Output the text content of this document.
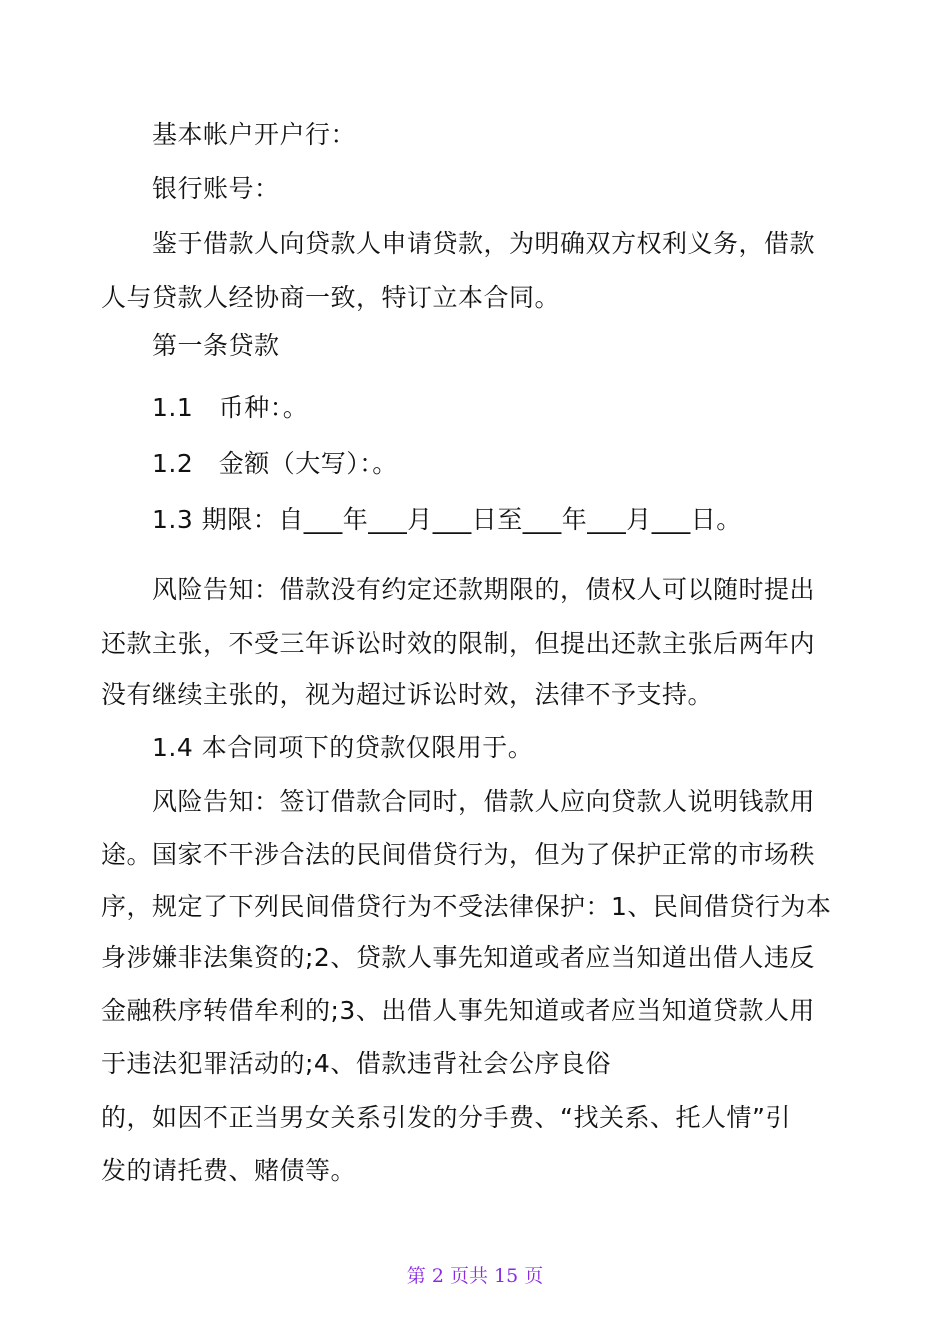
基本帐户开户行：
银行账号：
鉴于借款人向贷款人申请贷款，为明确双方权利义务，借款
人与贷款人经协商一致，特订立本合同。
第一条贷款
1.1　币种：。
1.2　金额（大写）：。
1.3 期限：自___年___月___日至___年___月___日。
风险告知：借款没有约定还款期限的，债权人可以随时提出
还款主张，不受三年诉讼时效的限制，但提出还款主张后两年内
没有继续主张的，视为超过诉讼时效，法律不予支持。
1.4 本合同项下的贷款仅限用于。
风险告知：签订借款合同时，借款人应向贷款人说明钱款用
途。国家不干涉合法的民间借贷行为，但为了保护正常的市场秩
序，规定了下列民间借贷行为不受法律保护：1、民间借贷行为本
身涉嫌非法集资的;2、贷款人事先知道或者应当知道出借人违反
金融秩序转借牟利的;3、出借人事先知道或者应当知道贷款人用
于违法犯罪活动的;4、借款违背社会公序良俗
的，如因不正当男女关系引发的分手费、“找关系、托人情”引
发的请托费、赌债等。
第 2 页共 15 页
